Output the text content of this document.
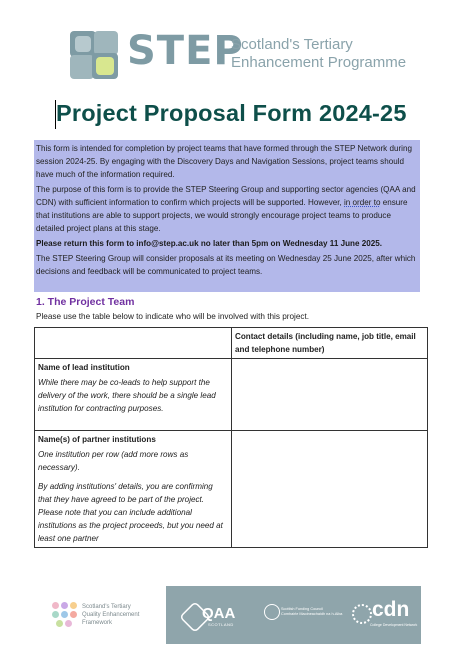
STEP
Scotland's Tertiary
Enhancement Programme
Project Proposal Form 2024-25

This form is intended for completion by project teams that have formed through the STEP Network during session 2024-25. By engaging with the Discovery Days and Navigation Sessions, project teams should have much of the information required.

The purpose of this form is to provide the STEP Steering Group and supporting sector agencies (QAA and CDN) with sufficient information to confirm which projects will be supported. However, in order to ensure that institutions are able to support projects, we would strongly encourage project teams to produce detailed project plans at this stage.

Please return this form to info@step.ac.uk no later than 5pm on Wednesday 11 June 2025.

The STEP Steering Group will consider proposals at its meeting on Wednesday 25 June 2025, after which decisions and feedback will be communicated to project teams.

1. The Project Team
Please use the table below to indicate who will be involved with this project.
	Contact details (including name, job title, email and telephone number)

Name of lead institution
While there may be co-leads to help support the delivery of the work, there should be a single lead institution for contracting purposes.	

Name(s) of partner institutions
One institution per row (add more rows as necessary).
By adding institutions' details, you are confirming that they have agreed to be part of the project. Please note that you can include additional institutions as the project proceeds, but you need at least one partner	

Scotland's Tertiary
Quality Enhancement
Framework
QAA
SCOTLAND
Scottish Funding Council
Comhairle Maoineachaidh na h-Alba cdn
College Development Network
